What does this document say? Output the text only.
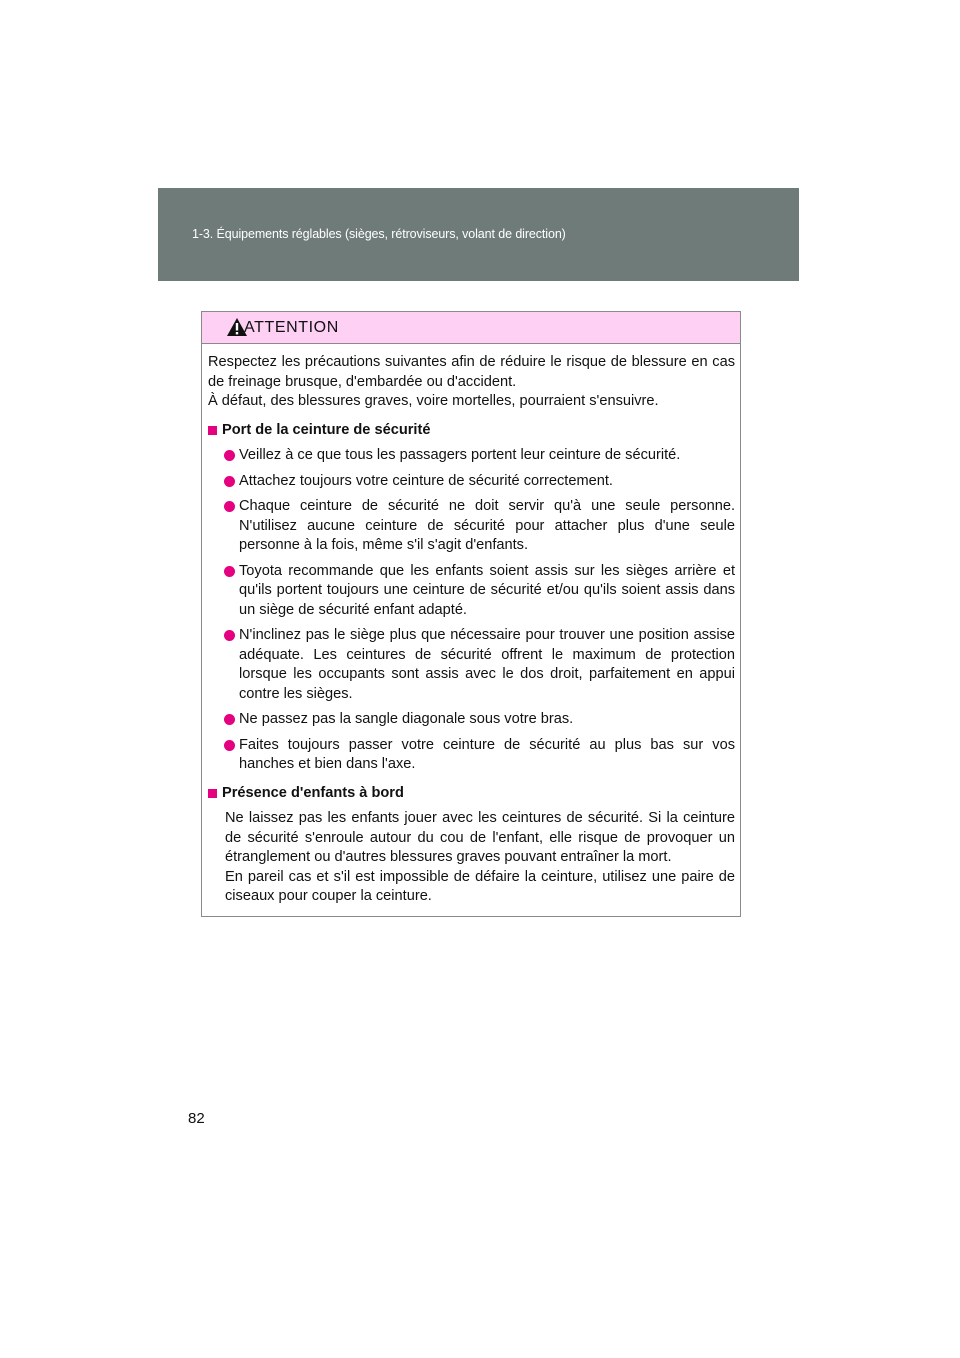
1-3. Équipements réglables (sièges, rétroviseurs, volant de direction)
ATTENTION

Respectez les précautions suivantes afin de réduire le risque de blessure en cas de freinage brusque, d'embardée ou d'accident.

À défaut, des blessures graves, voire mortelles, pourraient s'ensuivre.

Port de la ceinture de sécurité
Veillez à ce que tous les passagers portent leur ceinture de sécurité.
Attachez toujours votre ceinture de sécurité correctement.
Chaque ceinture de sécurité ne doit servir qu'à une seule personne. N'utilisez aucune ceinture de sécurité pour attacher plus d'une seule personne à la fois, même s'il s'agit d'enfants.
Toyota recommande que les enfants soient assis sur les sièges arrière et qu'ils portent toujours une ceinture de sécurité et/ou qu'ils soient assis dans un siège de sécurité enfant adapté.
N'inclinez pas le siège plus que nécessaire pour trouver une position assise adéquate. Les ceintures de sécurité offrent le maximum de protection lorsque les occupants sont assis avec le dos droit, parfaitement en appui contre les sièges.
Ne passez pas la sangle diagonale sous votre bras.
Faites toujours passer votre ceinture de sécurité au plus bas sur vos hanches et bien dans l'axe.
Présence d'enfants à bord

Ne laissez pas les enfants jouer avec les ceintures de sécurité. Si la ceinture de sécurité s'enroule autour du cou de l'enfant, elle risque de provoquer un étranglement ou d'autres blessures graves pouvant entraîner la mort.

En pareil cas et s'il est impossible de défaire la ceinture, utilisez une paire de ciseaux pour couper la ceinture.

82
